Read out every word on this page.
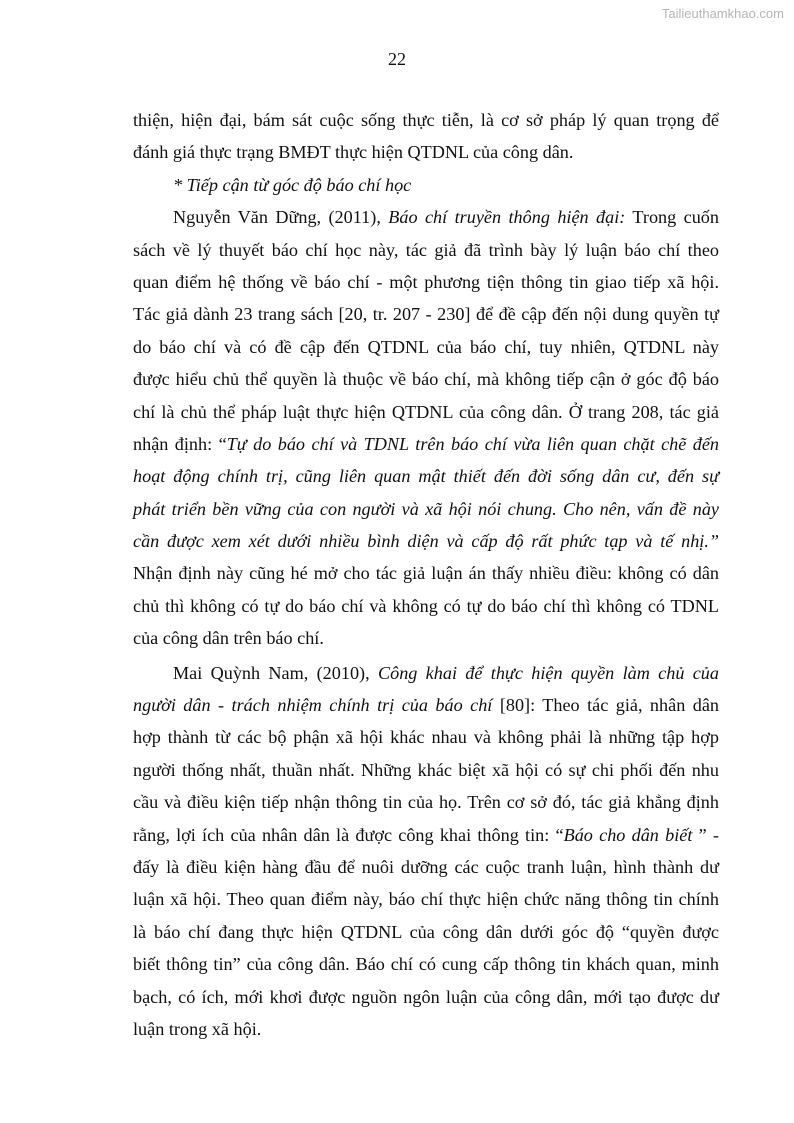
Tailieuthamkhao.com
22
thiện, hiện đại, bám sát cuộc sống thực tiễn, là cơ sở pháp lý quan trọng để
đánh giá thực trạng BMĐT thực hiện QTDNL của công dân.
* Tiếp cận từ góc độ báo chí học
Nguyễn Văn Dững, (2011), Báo chí truyền thông hiện đại: Trong cuốn
sách về lý thuyết báo chí học này, tác giả đã trình bày lý luận báo chí theo
quan điểm hệ thống về báo chí - một phương tiện thông tin giao tiếp xã hội.
Tác giả dành 23 trang sách [20, tr. 207 - 230] để đề cập đến nội dung quyền tự
do báo chí và có đề cập đến QTDNL của báo chí, tuy nhiên, QTDNL này
được hiểu chủ thể quyền là thuộc về báo chí, mà không tiếp cận ở góc độ báo
chí là chủ thể pháp luật thực hiện QTDNL của công dân. Ở trang 208, tác giả
nhận định: “Tự do báo chí và TDNL trên báo chí vừa liên quan chặt chẽ đến
hoạt động chính trị, cũng liên quan mật thiết đến đời sống dân cư, đến sự
phát triển bền vững của con người và xã hội nói chung. Cho nên, vấn đề này
cần được xem xét dưới nhiều bình diện và cấp độ rất phức tạp và tế nhị.”
Nhận định này cũng hé mở cho tác giả luận án thấy nhiều điều: không có dân
chủ thì không có tự do báo chí và không có tự do báo chí thì không có TDNL
của công dân trên báo chí.
Mai Quỳnh Nam, (2010), Công khai để thực hiện quyền làm chủ của
người dân - trách nhiệm chính trị của báo chí [80]: Theo tác giả, nhân dân
hợp thành từ các bộ phận xã hội khác nhau và không phải là những tập hợp
người thống nhất, thuần nhất. Những khác biệt xã hội có sự chi phối đến nhu
cầu và điều kiện tiếp nhận thông tin của họ. Trên cơ sở đó, tác giả khẳng định
rằng, lợi ích của nhân dân là được công khai thông tin: “Báo cho dân biết ” -
đấy là điều kiện hàng đầu để nuôi dưỡng các cuộc tranh luận, hình thành dư
luận xã hội. Theo quan điểm này, báo chí thực hiện chức năng thông tin chính
là báo chí đang thực hiện QTDNL của công dân dưới góc độ “quyền được
biết thông tin” của công dân. Báo chí có cung cấp thông tin khách quan, minh
bạch, có ích, mới khơi được nguồn ngôn luận của công dân, mới tạo được dư
luận trong xã hội.
